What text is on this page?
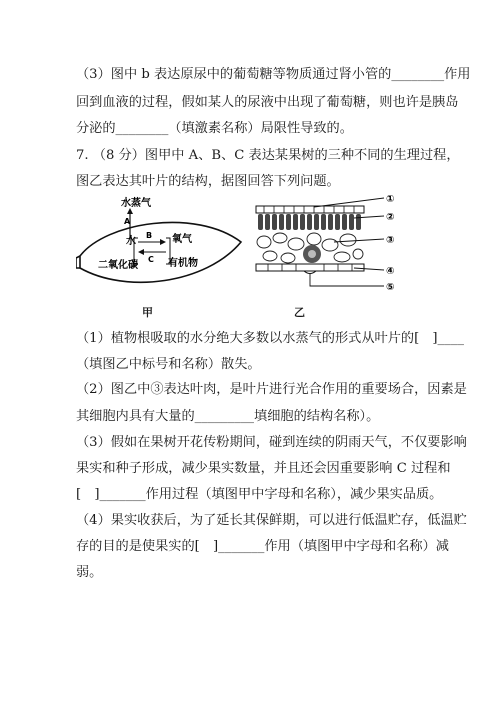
（3）图中 b 表达原尿中的葡萄糖等物质通过肾小管的________作用
回到血液的过程，假如某人的尿液中出现了葡萄糖，则也许是胰岛
分泌的________（填激素名称）局限性导致的。
7. （8 分）图甲中 A、B、C 表达某果树的三种不同的生理过程，
图乙表达其叶片的结构，据图回答下列问题。
水蒸气
A
水
B
C
氧气
二氧化碳	有机物
甲
①
②
③
④
⑤
乙
（1）植物根吸取的水分绝大多数以水蒸气的形式从叶片的[　]____
（填图乙中标号和名称）散失。
（2）图乙中③表达叶肉，是叶片进行光合作用的重要场合，因素是
其细胞内具有大量的_________填细胞的结构名称）。
（3）假如在果树开花传粉期间，碰到连续的阴雨天气，不仅要影响
果实和种子形成，减少果实数量，并且还会因重要影响 C 过程和
[　]_______作用过程（填图甲中字母和名称），减少果实品质。
（4）果实收获后，为了延长其保鲜期，可以进行低温贮存，低温贮
存的目的是使果实的[　]_______作用（填图甲中字母和名称）减
弱。
